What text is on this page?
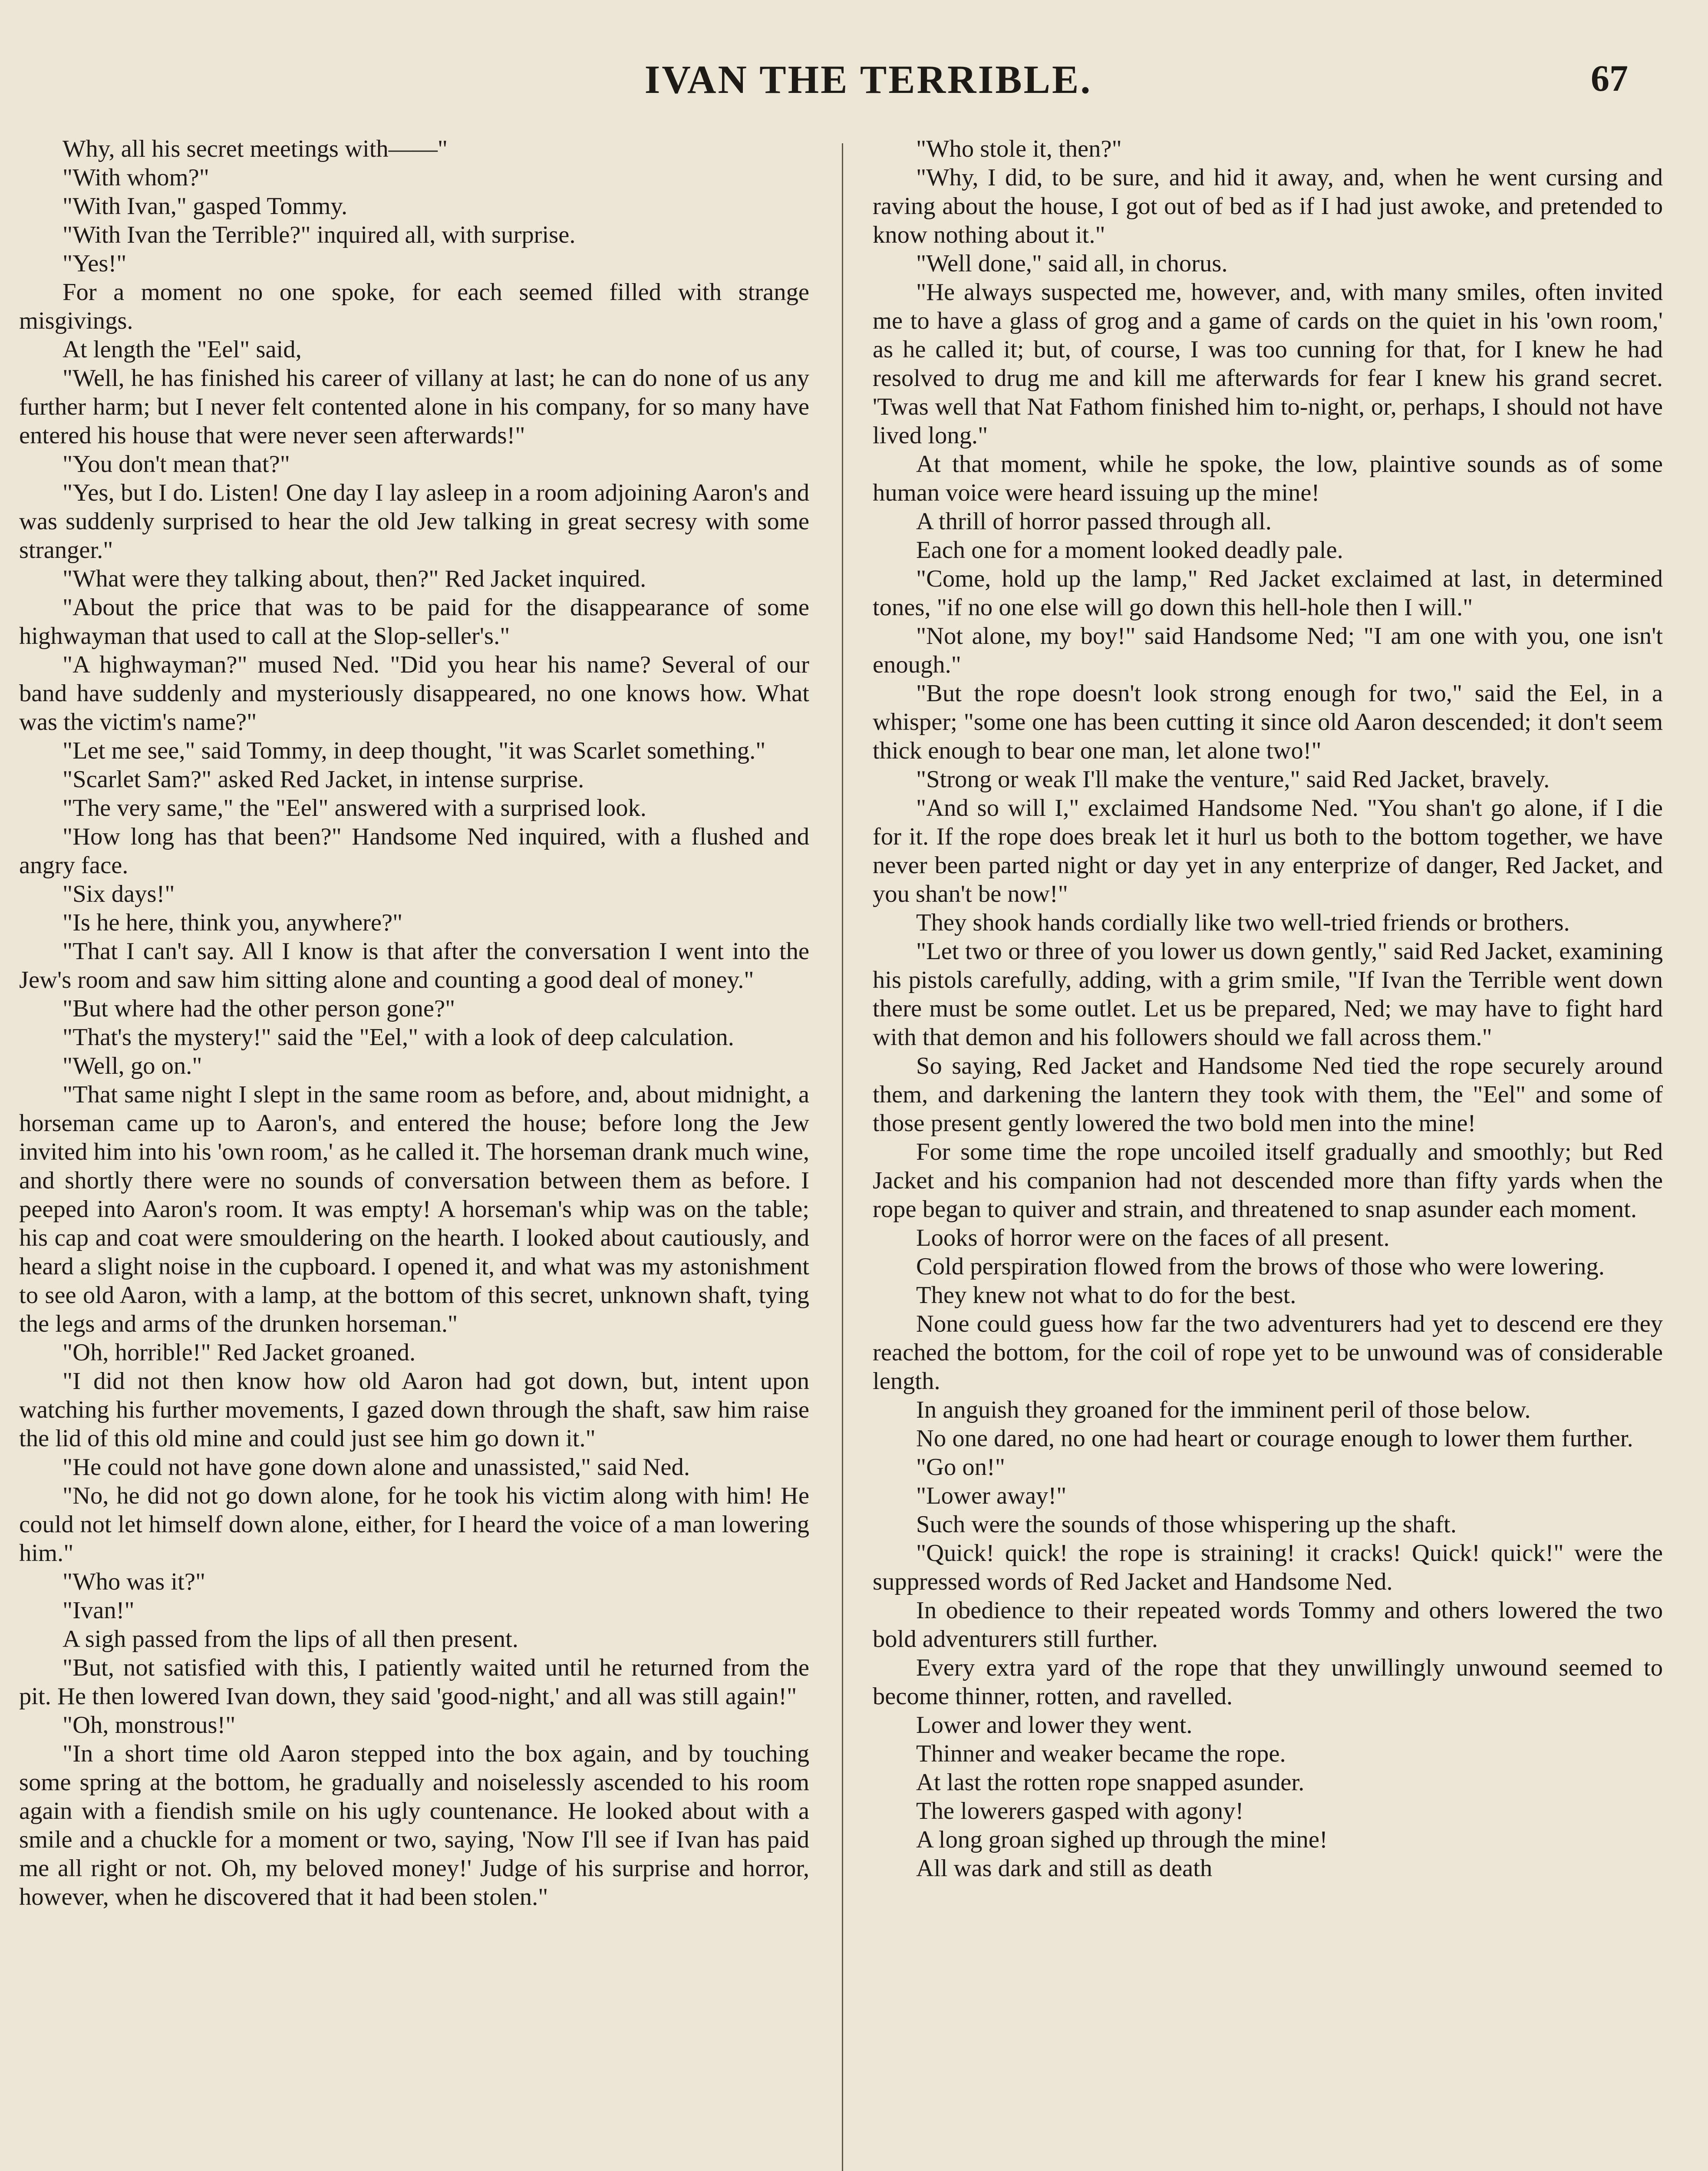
IVAN THE TERRIBLE.	67

Why, all his secret meetings with——"

"With whom?"

"With Ivan," gasped Tommy.

"With Ivan the Terrible?" inquired all, with surprise.

"Yes!"

For a moment no one spoke, for each seemed filled with strange misgivings.

At length the "Eel" said,

"Well, he has finished his career of villany at last; he can do none of us any further harm; but I never felt contented alone in his company, for so many have entered his house that were never seen afterwards!"

"You don't mean that?"

"Yes, but I do. Listen! One day I lay asleep in a room adjoining Aaron's and was suddenly surprised to hear the old Jew talking in great secresy with some stranger."

"What were they talking about, then?" Red Jacket inquired.

"About the price that was to be paid for the disappearance of some highwayman that used to call at the Slop-seller's."

"A highwayman?" mused Ned. "Did you hear his name? Several of our band have suddenly and mysteriously disappeared, no one knows how. What was the victim's name?"

"Let me see," said Tommy, in deep thought, "it was Scarlet something."

"Scarlet Sam?" asked Red Jacket, in intense surprise.

"The very same," the "Eel" answered with a surprised look.

"How long has that been?" Handsome Ned inquired, with a flushed and angry face.

"Six days!"

"Is he here, think you, anywhere?"

"That I can't say. All I know is that after the conversation I went into the Jew's room and saw him sitting alone and counting a good deal of money."

"But where had the other person gone?"

"That's the mystery!" said the "Eel," with a look of deep calculation.

"Well, go on."

"That same night I slept in the same room as before, and, about midnight, a horseman came up to Aaron's, and entered the house; before long the Jew invited him into his 'own room,' as he called it. The horseman drank much wine, and shortly there were no sounds of conversation between them as before. I peeped into Aaron's room. It was empty! A horseman's whip was on the table; his cap and coat were smouldering on the hearth. I looked about cautiously, and heard a slight noise in the cupboard. I opened it, and what was my astonishment to see old Aaron, with a lamp, at the bottom of this secret, unknown shaft, tying the legs and arms of the drunken horseman."

"Oh, horrible!" Red Jacket groaned.

"I did not then know how old Aaron had got down, but, intent upon watching his further movements, I gazed down through the shaft, saw him raise the lid of this old mine and could just see him go down it."

"He could not have gone down alone and unassisted," said Ned.

"No, he did not go down alone, for he took his victim along with him! He could not let himself down alone, either, for I heard the voice of a man lowering him."

"Who was it?"

"Ivan!"

A sigh passed from the lips of all then present.

"But, not satisfied with this, I patiently waited until he returned from the pit. He then lowered Ivan down, they said 'good-night,' and all was still again!"

"Oh, monstrous!"

"In a short time old Aaron stepped into the box again, and by touching some spring at the bottom, he gradually and noiselessly ascended to his room again with a fiendish smile on his ugly countenance. He looked about with a smile and a chuckle for a moment or two, saying, 'Now I'll see if Ivan has paid me all right or not. Oh, my beloved money!' Judge of his surprise and horror, however, when he discovered that it had been stolen."

"Who stole it, then?"

"Why, I did, to be sure, and hid it away, and, when he went cursing and raving about the house, I got out of bed as if I had just awoke, and pretended to know nothing about it."

"Well done," said all, in chorus.

"He always suspected me, however, and, with many smiles, often invited me to have a glass of grog and a game of cards on the quiet in his 'own room,' as he called it; but, of course, I was too cunning for that, for I knew he had resolved to drug me and kill me afterwards for fear I knew his grand secret. 'Twas well that Nat Fathom finished him to-night, or, perhaps, I should not have lived long."

At that moment, while he spoke, the low, plaintive sounds as of some human voice were heard issuing up the mine!

A thrill of horror passed through all.

Each one for a moment looked deadly pale.

"Come, hold up the lamp," Red Jacket exclaimed at last, in determined tones, "if no one else will go down this hell-hole then I will."

"Not alone, my boy!" said Handsome Ned; "I am one with you, one isn't enough."

"But the rope doesn't look strong enough for two," said the Eel, in a whisper; "some one has been cutting it since old Aaron descended; it don't seem thick enough to bear one man, let alone two!"

"Strong or weak I'll make the venture," said Red Jacket, bravely.

"And so will I," exclaimed Handsome Ned. "You shan't go alone, if I die for it. If the rope does break let it hurl us both to the bottom together, we have never been parted night or day yet in any enterprize of danger, Red Jacket, and you shan't be now!"

They shook hands cordially like two well-tried friends or brothers.

"Let two or three of you lower us down gently," said Red Jacket, examining his pistols carefully, adding, with a grim smile, "If Ivan the Terrible went down there must be some outlet. Let us be prepared, Ned; we may have to fight hard with that demon and his followers should we fall across them."

So saying, Red Jacket and Handsome Ned tied the rope securely around them, and darkening the lantern they took with them, the "Eel" and some of those present gently lowered the two bold men into the mine!

For some time the rope uncoiled itself gradually and smoothly; but Red Jacket and his companion had not descended more than fifty yards when the rope began to quiver and strain, and threatened to snap asunder each moment.

Looks of horror were on the faces of all present.

Cold perspiration flowed from the brows of those who were lowering.

They knew not what to do for the best.

None could guess how far the two adventurers had yet to descend ere they reached the bottom, for the coil of rope yet to be unwound was of considerable length.

In anguish they groaned for the imminent peril of those below.

No one dared, no one had heart or courage enough to lower them further.

"Go on!"

"Lower away!"

Such were the sounds of those whispering up the shaft.

"Quick! quick! the rope is straining! it cracks! Quick! quick!" were the suppressed words of Red Jacket and Handsome Ned.

In obedience to their repeated words Tommy and others lowered the two bold adventurers still further.

Every extra yard of the rope that they unwillingly unwound seemed to become thinner, rotten, and ravelled.

Lower and lower they went.

Thinner and weaker became the rope.

At last the rotten rope snapped asunder.

The lowerers gasped with agony!

A long groan sighed up through the mine!

All was dark and still as death
